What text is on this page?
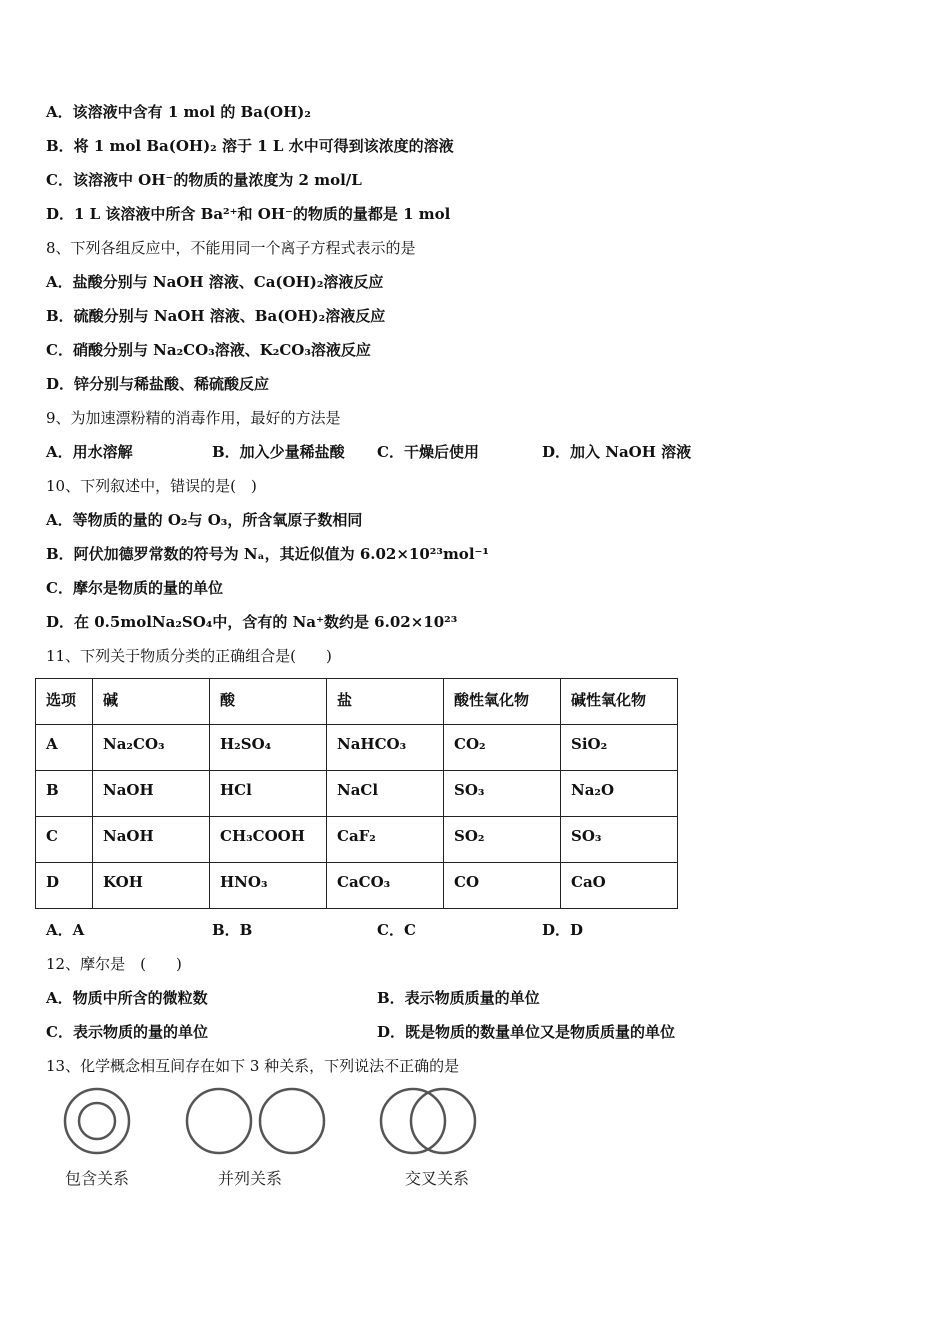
A．该溶液中含有 1 mol 的 Ba(OH)₂
B．将 1 mol Ba(OH)₂ 溶于 1 L 水中可得到该浓度的溶液
C．该溶液中 OH⁻的物质的量浓度为 2 mol/L
D．1 L 该溶液中所含 Ba²⁺和 OH⁻的物质的量都是 1 mol
8、下列各组反应中，不能用同一个离子方程式表示的是
A．盐酸分别与 NaOH 溶液、Ca(OH)₂溶液反应
B．硫酸分别与 NaOH 溶液、Ba(OH)₂溶液反应
C．硝酸分别与 Na₂CO₃溶液、K₂CO₃溶液反应
D．锌分别与稀盐酸、稀硫酸反应
9、为加速漂粉精的消毒作用，最好的方法是
A．用水溶解	B．加入少量稀盐酸 C．干燥后使用	D．加入 NaOH 溶液
10、下列叙述中，错误的是(　)
A．等物质的量的 O₂与 O₃，所含氧原子数相同
B．阿伏加德罗常数的符号为 Nₐ，其近似值为 6.02×10²³mol⁻¹
C．摩尔是物质的量的单位
D．在 0.5molNa₂SO₄中，含有的 Na⁺数约是 6.02×10²³
11、下列关于物质分类的正确组合是(　　)
选项	碱	酸	盐	酸性氧化物	碱性氧化物
A	Na₂CO₃	H₂SO₄	NaHCO₃	CO₂	SiO₂
B	NaOH	HCl	NaCl	SO₃	Na₂O
C	NaOH	CH₃COOH	CaF₂	SO₂	SO₃
D	KOH	HNO₃	CaCO₃	CO	CaO
A．A	B．B	C．C	D．D
12、摩尔是　(　　)
A．物质中所含的微粒数	B．表示物质质量的单位
C．表示物质的量的单位	D．既是物质的数量单位又是物质质量的单位
13、化学概念相互间存在如下 3 种关系，下列说法不正确的是
包含关系	并列关系	交叉关系
